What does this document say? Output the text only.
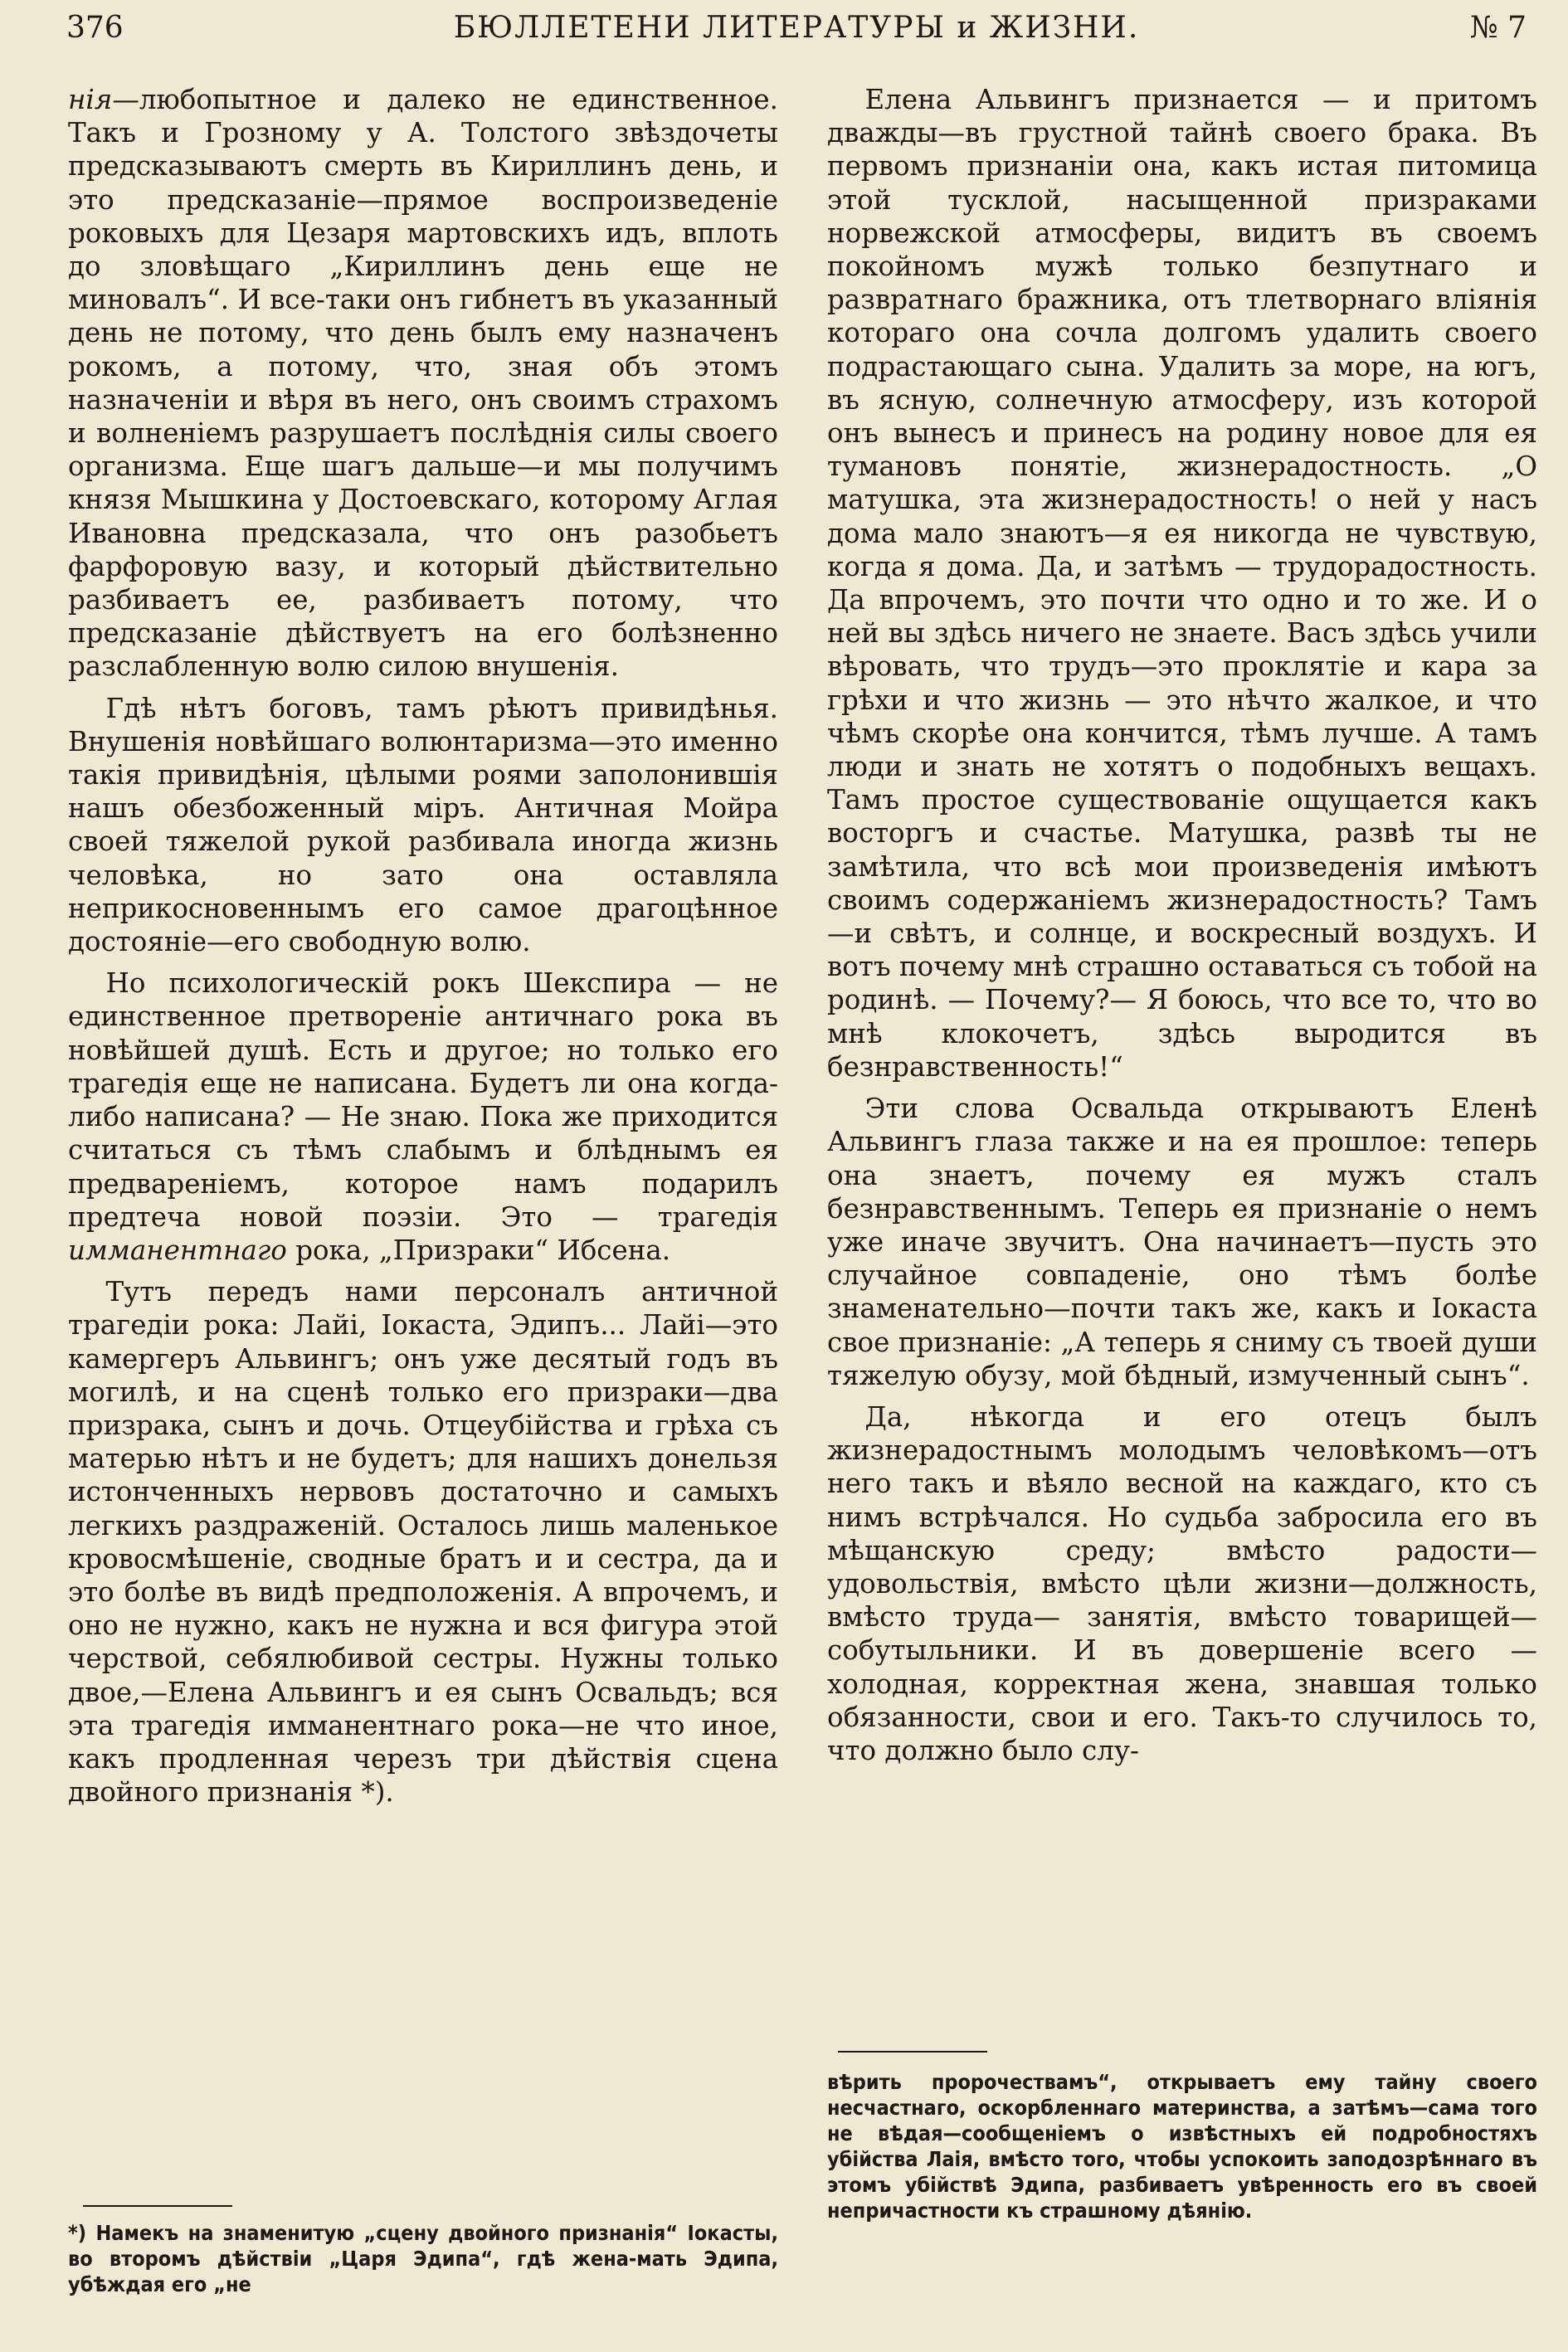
376	БЮЛЛЕТЕНИ ЛИТЕРАТУРЫ и ЖИЗНИ.	№ 7

нія—любопытное и далеко не единственное. Такъ и Грозному у А. Толстого звѣздочеты предсказываютъ смерть въ Кириллинъ день, и это предсказаніе—прямое воспроизведеніе роковыхъ для Цезаря мартовскихъ идъ, вплоть до зловѣщаго „Кириллинъ день еще не миновалъ“. И все-таки онъ гибнетъ въ указанный день не потому, что день былъ ему назначенъ рокомъ, а потому, что, зная объ этомъ назначеніи и вѣря въ него, онъ своимъ страхомъ и волненіемъ разрушаетъ послѣднія силы своего организма. Еще шагъ дальше—и мы получимъ князя Мышкина у Достоевскаго, которому Аглая Ивановна предсказала, что онъ разобьетъ фарфоровую вазу, и который дѣйствительно разбиваетъ ее, разбиваетъ потому, что предсказаніе дѣйствуетъ на его болѣзненно разслабленную волю силою внушенія.

Гдѣ нѣтъ боговъ, тамъ рѣютъ привидѣнья. Внушенія новѣйшаго волюнтаризма—это именно такія привидѣнія, цѣлыми роями заполонившія нашъ обезбоженный міръ. Античная Мойра своей тяжелой рукой разбивала иногда жизнь человѣка, но зато она оставляла неприкосновеннымъ его самое драгоцѣнное достояніе—его свободную волю.

Но психологическій рокъ Шекспира — не единственное претвореніе античнаго рока въ новѣйшей душѣ. Есть и другое; но только его трагедія еще не написана. Будетъ ли она когда-либо написана? — Не знаю. Пока же приходится считаться съ тѣмъ слабымъ и блѣднымъ ея предвареніемъ, которое намъ подарилъ предтеча новой поэзіи. Это — трагедія имманентнаго рока, „Призраки“ Ибсена.

Тутъ передъ нами персоналъ античной трагедіи рока: Лайі, Іокаста, Эдипъ... Лайі—это камергеръ Альвингъ; онъ уже десятый годъ въ могилѣ, и на сценѣ только его призраки—два призрака, сынъ и дочь. Отцеубійства и грѣха съ матерью нѣтъ и не будетъ; для нашихъ донельзя истонченныхъ нервовъ достаточно и самыхъ легкихъ раздраженій. Осталось лишь маленькое кровосмѣшеніе, сводные братъ и и сестра, да и это болѣе въ видѣ предположенія. А впрочемъ, и оно не нужно, какъ не нужна и вся фигура этой черствой, себялюбивой сестры. Нужны только двое,—Елена Альвингъ и ея сынъ Освальдъ; вся эта трагедія имманентнаго рока—не что иное, какъ продленная черезъ три дѣйствія сцена двойного признанія *).

*) Намекъ на знаменитую „сцену двойного признанія“ Іокасты, во второмъ дѣйствіи „Царя Эдипа“, гдѣ жена-мать Эдипа, убѣждая его „не

Елена Альвингъ признается — и притомъ дважды—въ грустной тайнѣ своего брака. Въ первомъ признаніи она, какъ истая питомица этой тусклой, насыщенной призраками норвежской атмосферы, видитъ въ своемъ покойномъ мужѣ только безпутнаго и развратнаго бражника, отъ тлетворнаго вліянія котораго она сочла долгомъ удалить своего подрастающаго сына. Удалить за море, на югъ, въ ясную, солнечную атмосферу, изъ которой онъ вынесъ и принесъ на родину новое для ея тумановъ понятіе, жизнерадостность. „О матушка, эта жизнерадостность! о ней у насъ дома мало знаютъ—я ея никогда не чувствую, когда я дома. Да, и затѣмъ — трудорадостность. Да впрочемъ, это почти что одно и то же. И о ней вы здѣсь ничего не знаете. Васъ здѣсь учили вѣровать, что трудъ—это проклятіе и кара за грѣхи и что жизнь — это нѣчто жалкое, и что чѣмъ скорѣе она кончится, тѣмъ лучше. А тамъ люди и знать не хотятъ о подобныхъ вещахъ. Тамъ простое существованіе ощущается какъ восторгъ и счастье. Матушка, развѣ ты не замѣтила, что всѣ мои произведенія имѣютъ своимъ содержаніемъ жизнерадостность? Тамъ—и свѣтъ, и солнце, и воскресный воздухъ. И вотъ почему мнѣ страшно оставаться съ тобой на родинѣ. — Почему?— Я боюсь, что все то, что во мнѣ клокочетъ, здѣсь выродится въ безнравственность!“

Эти слова Освальда открываютъ Еленѣ Альвингъ глаза также и на ея прошлое: теперь она знаетъ, почему ея мужъ сталъ безнравственнымъ. Теперь ея признаніе о немъ уже иначе звучитъ. Она начинаетъ—пусть это случайное совпаденіе, оно тѣмъ болѣе знаменательно—почти такъ же, какъ и Іокаста свое признаніе: „А теперь я сниму съ твоей души тяжелую обузу, мой бѣдный, измученный сынъ“.

Да, нѣкогда и его отецъ былъ жизнерадостнымъ молодымъ человѣкомъ—отъ него такъ и вѣяло весной на каждаго, кто съ нимъ встрѣчался. Но судьба забросила его въ мѣщанскую среду; вмѣсто радости—удовольствія, вмѣсто цѣли жизни—должность, вмѣсто труда— занятія, вмѣсто товарищей—собутыльники. И въ довершеніе всего — холодная, корректная жена, знавшая только обязанности, свои и его. Такъ-то случилось то, что должно было слу-

вѣрить пророчествамъ“, открываетъ ему тайну своего несчастнаго, оскорбленнаго материнства, а затѣмъ—сама того не вѣдая—сообщеніемъ о извѣстныхъ ей подробностяхъ убійства Лаія, вмѣсто того, чтобы успокоить заподозрѣннаго въ этомъ убійствѣ Эдипа, разбиваетъ увѣренность его въ своей непричастности къ страшному дѣянію.
